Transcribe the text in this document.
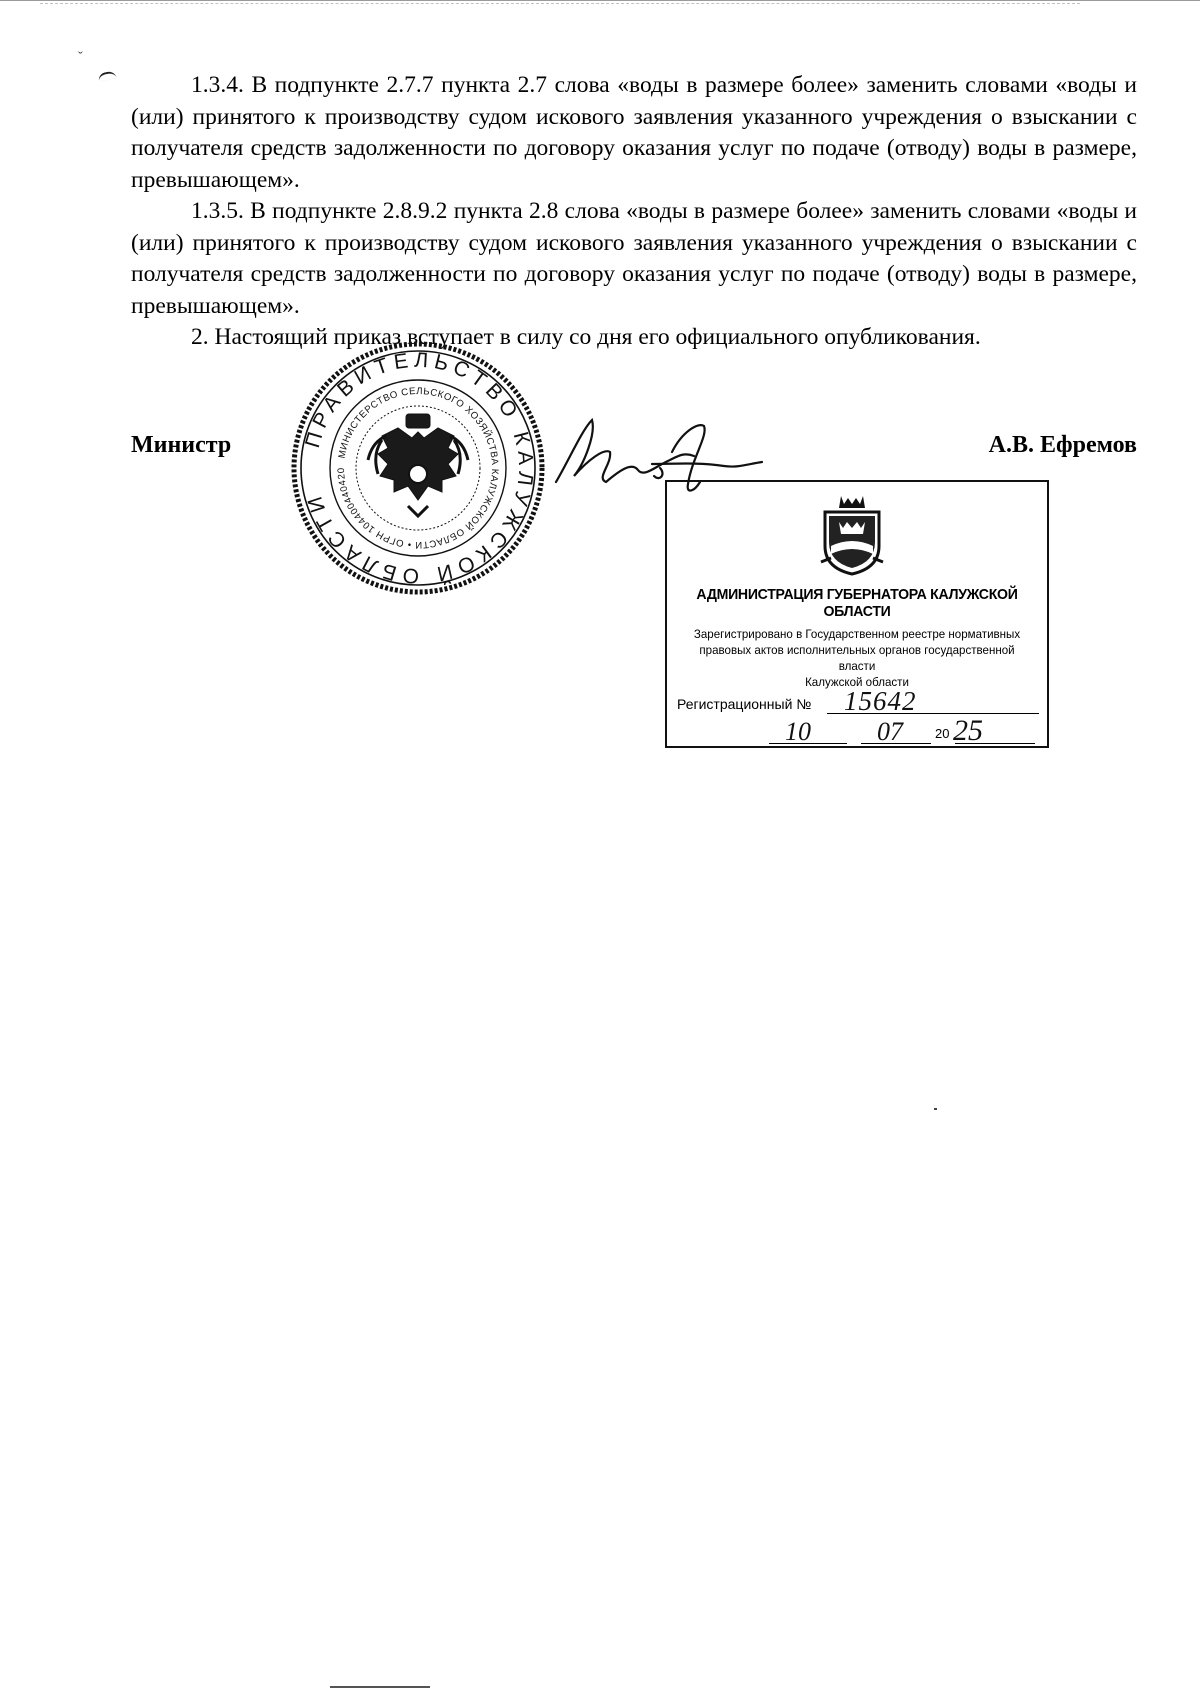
ˇ

1.3.4. В подпункте 2.7.7 пункта 2.7 слова «воды в размере более» заменить словами «воды и (или) принятого к производству судом искового заявления указанного учреждения о взыскании с получателя средств задолженности по договору оказания услуг по подаче (отводу) воды в размере, превышающем».

1.3.5. В подпункте 2.8.9.2 пункта 2.8 слова «воды в размере более» заменить словами «воды и (или) принятого к производству судом искового заявления указанного учреждения о взыскании с получателя средств задолженности по договору оказания услуг по подаче (отводу) воды в размере, превышающем».

2. Настоящий приказ вступает в силу со дня его официального опубликования.

Министр	А.В. Ефремов
ПРАВИТЕЛЬСТВО КАЛУЖСКОЙ ОБЛАСТИ
МИНИСТЕРСТВО СЕЛЬСКОГО ХОЗЯЙСТВА КАЛУЖСКОЙ ОБЛАСТИ • ОГРН 104400440420
АДМИНИСТРАЦИЯ ГУБЕРНАТОРА КАЛУЖСКОЙ ОБЛАСТИ
Зарегистрировано в Государственном реестре нормативных
правовых актов исполнительных органов государственной власти
Калужской области
Регистрационный № 15642
10	07 20 25
